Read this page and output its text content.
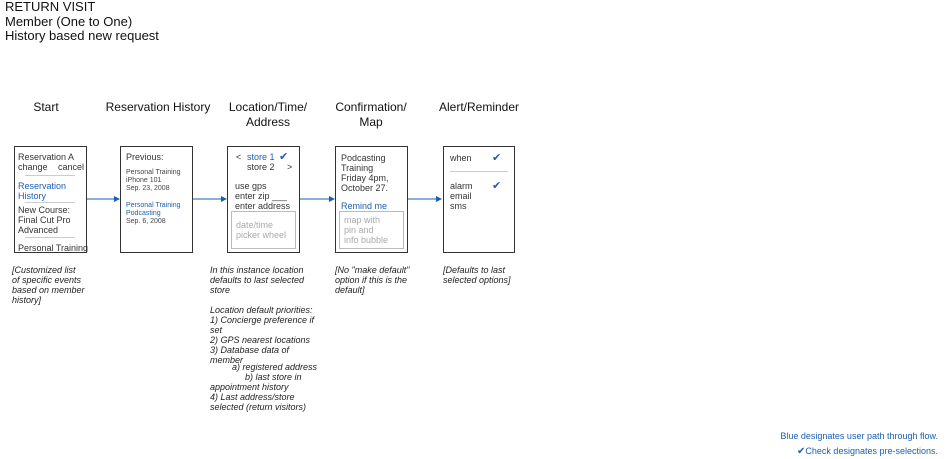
RETURN VISIT
Member (One to One)
History based new request
Start	Reservation History	Location/Time/
Address
Confirmation/
Map
Alert/Reminder
Reservation A
change cancel
Reservation
History
New Course:
Final Cut Pro
Advanced
Personal Training
Previous:
Personal Training
iPhone 101
Sep. 23, 2008
Personal Training
Podcasting
Sep. 6, 2008
< store 1 ✔
store 2 >
use gps
enter zip ___
enter address
date/time
picker wheel
Podcasting
Training
Friday 4pm,
October 27.
Remind me
map with
pin and
info bubble
when ✔
alarm ✔
email
sms
[Customized list
of specific events
based on member
history]
In this instance location
defaults to last selected
store
Location default priorities:
1) Concierge preference if
set
2) GPS nearest locations
3) Database data of
member
a) registered address
b) last store in
appointment history
4) Last address/store
selected (return visitors)
[No "make default"
option if this is the
default]
[Defaults to last
selected options]
Blue designates user path through flow.
✔Check designates pre-selections.
